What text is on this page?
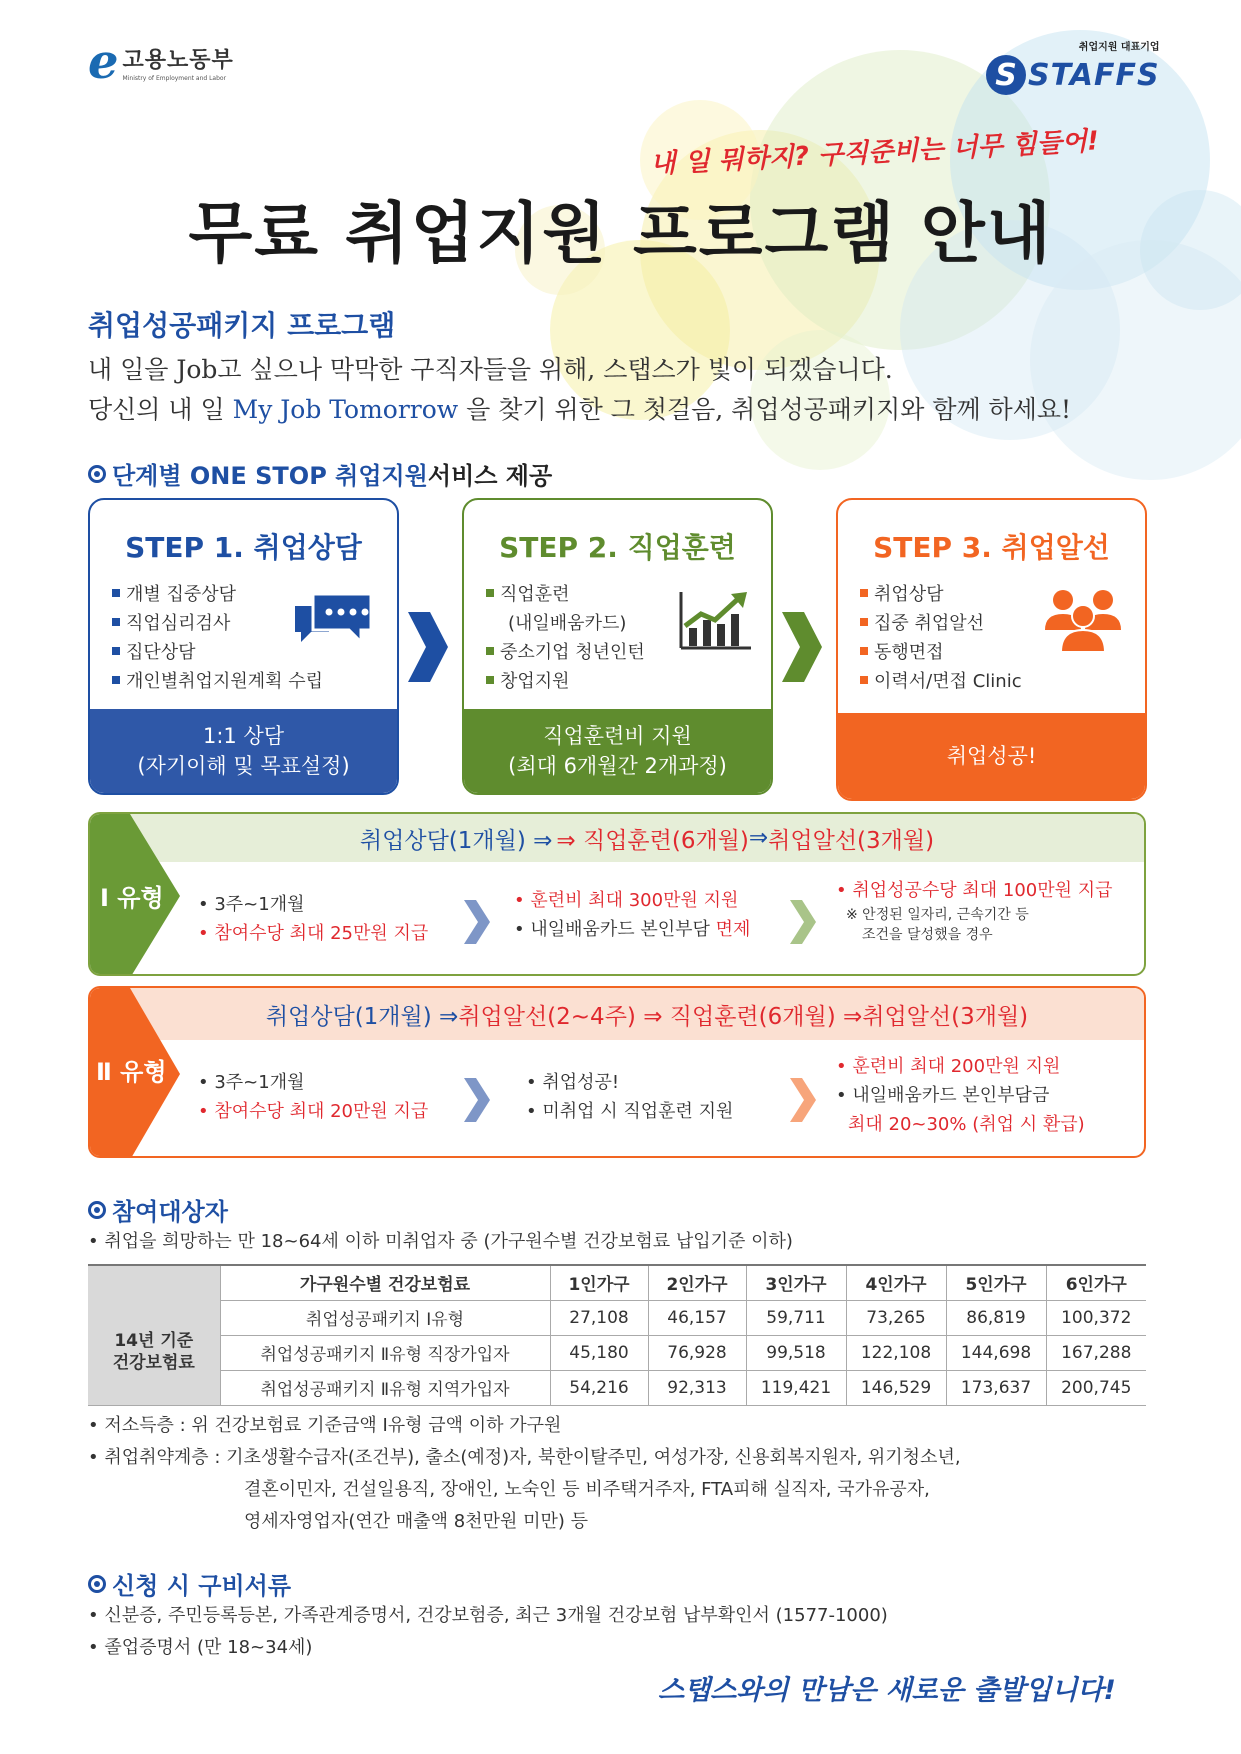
e 고용노동부
Ministry of Employment and Labor
취업지원 대표기업
S STAFFS
내 일 뭐하지? 구직준비는 너무 힘들어!
무료 취업지원 프로그램 안내
취업성공패키지 프로그램
내 일을 Job고 싶으나 막막한 구직자들을 위해, 스탭스가 빛이 되겠습니다.
당신의 내 일 My Job Tomorrow 을 찾기 위한 그 첫걸음, 취업성공패키지와 함께 하세요!
단계별 ONE STOP 취업지원 서비스 제공
STEP 1. 취업상담
개별 집중상담
직업심리검사
집단상담
개인별취업지원계획 수립
1:1 상담
(자기이해 및 목표설정)
STEP 2. 직업훈련
직업훈련
(내일배움카드)
중소기업 청년인턴
창업지원
직업훈련비 지원
(최대 6개월간 2개과정)
STEP 3. 취업알선
취업상담
집중 취업알선
동행면접
이력서/면접 Clinic
취업성공!
취업상담(1개월) ⇒ ⇒ 직업훈련(6개월) ⇒ 취업알선(3개월)
Ⅰ 유형 • 3주~1개월
• 참여수당 최대 25만원 지급
• 훈련비 최대 300만원 지원
• 내일배움카드 본인부담 면제
• 취업성공수당 최대 100만원 지급
※ 안정된 일자리, 근속기간 등
조건을 달성했을 경우
취업상담(1개월) ⇒ 취업알선(2~4주) ⇒ 직업훈련(6개월) ⇒ 취업알선(3개월)
Ⅱ 유형 • 3주~1개월
• 참여수당 최대 20만원 지급
• 취업성공!
• 미취업 시 직업훈련 지원
• 훈련비 최대 200만원 지원
• 내일배움카드 본인부담금
최대 20~30% (취업 시 환급)
참여대상자
• 취업을 희망하는 만 18~64세 이하 미취업자 중 (가구원수별 건강보험료 납입기준 이하)
	가구원수별 건강보험료	1인가구	2인가구	3인가구	4인가구	5인가구	6인가구

14년 기준
건강보험료	취업성공패키지 Ⅰ유형	27,108	46,157	59,711	73,265	86,819	100,372
	취업성공패키지 Ⅱ유형 직장가입자	45,180	76,928	99,518	122,108	144,698	167,288
	취업성공패키지 Ⅱ유형 지역가입자	54,216	92,313	119,421	146,529	173,637	200,745
• 저소득층 : 위 건강보험료 기준금액 Ⅰ유형 금액 이하 가구원
• 취업취약계층 : 기초생활수급자(조건부), 출소(예정)자, 북한이탈주민, 여성가장, 신용회복지원자, 위기청소년,
결혼이민자, 건설일용직, 장애인, 노숙인 등 비주택거주자, FTA피해 실직자, 국가유공자,
영세자영업자(연간 매출액 8천만원 미만) 등
신청 시 구비서류
• 신분증, 주민등록등본, 가족관계증명서, 건강보험증, 최근 3개월 건강보험 납부확인서 (1577-1000)
• 졸업증명서 (만 18~34세)
스탭스와의 만남은 새로운 출발입니다!
